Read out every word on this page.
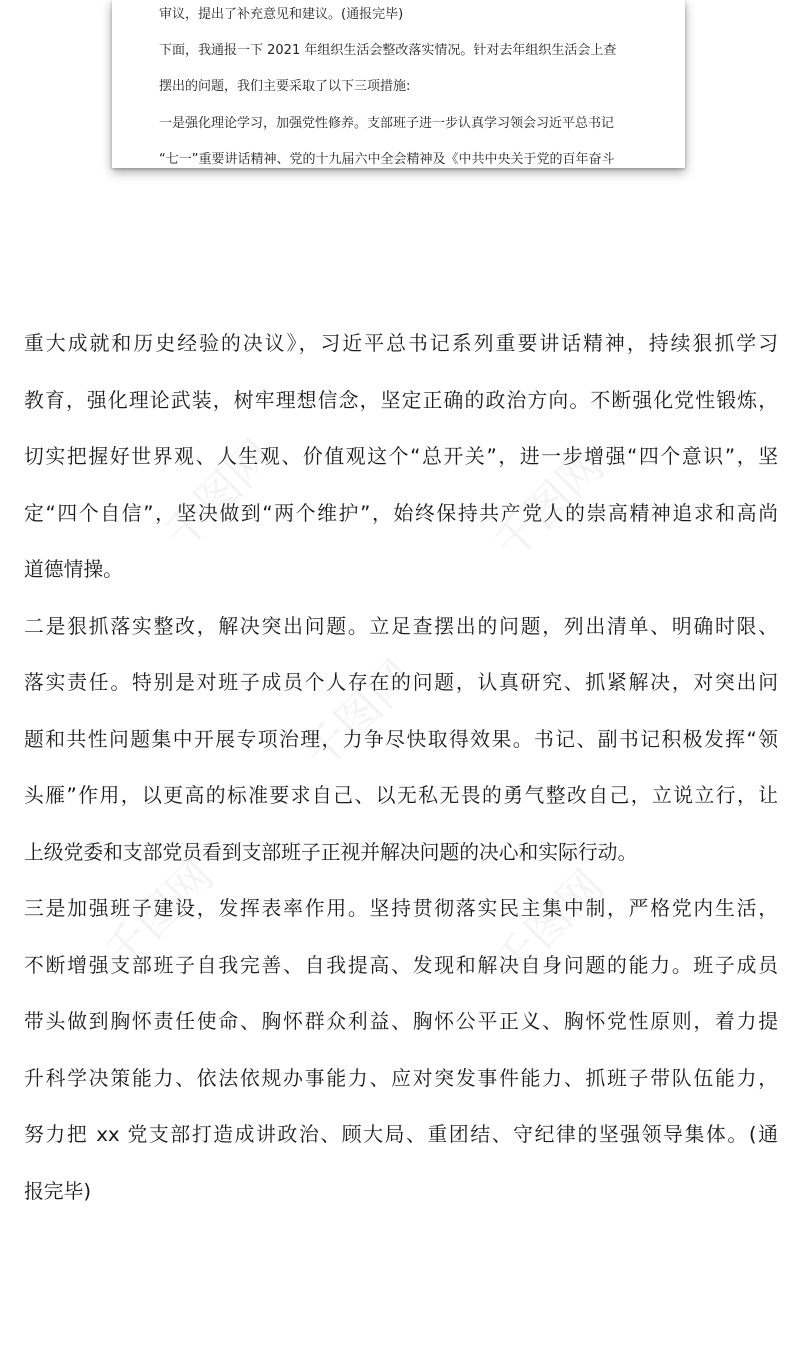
千图网	千图网
千图网
千图网	千图网
审议，提出了补充意见和建议。(通报完毕)
下面，我通报一下 2021 年组织生活会整改落实情况。针对去年组织生活会上查
摆出的问题，我们主要采取了以下三项措施:
一是强化理论学习，加强党性修养。支部班子进一步认真学习领会习近平总书记
“七一”重要讲话精神、党的十九届六中全会精神及《中共中央关于党的百年奋斗
重大成就和历史经验的决议》，习近平总书记系列重要讲话精神，持续狠抓学习
教育，强化理论武装，树牢理想信念，坚定正确的政治方向。不断强化党性锻炼，
切实把握好世界观、人生观、价值观这个“总开关”，进一步增强“四个意识”，坚
定“四个自信”，坚决做到“两个维护”，始终保持共产党人的崇高精神追求和高尚
道德情操。
二是狠抓落实整改，解决突出问题。立足查摆出的问题，列出清单、明确时限、
落实责任。特别是对班子成员个人存在的问题，认真研究、抓紧解决，对突出问
题和共性问题集中开展专项治理，力争尽快取得效果。书记、副书记积极发挥“领
头雁”作用，以更高的标准要求自己、以无私无畏的勇气整改自己，立说立行，让
上级党委和支部党员看到支部班子正视并解决问题的决心和实际行动。
三是加强班子建设，发挥表率作用。坚持贯彻落实民主集中制，严格党内生活，
不断增强支部班子自我完善、自我提高、发现和解决自身问题的能力。班子成员
带头做到胸怀责任使命、胸怀群众利益、胸怀公平正义、胸怀党性原则，着力提
升科学决策能力、依法依规办事能力、应对突发事件能力、抓班子带队伍能力，
努力把 xx 党支部打造成讲政治、顾大局、重团结、守纪律的坚强领导集体。(通
报完毕)
